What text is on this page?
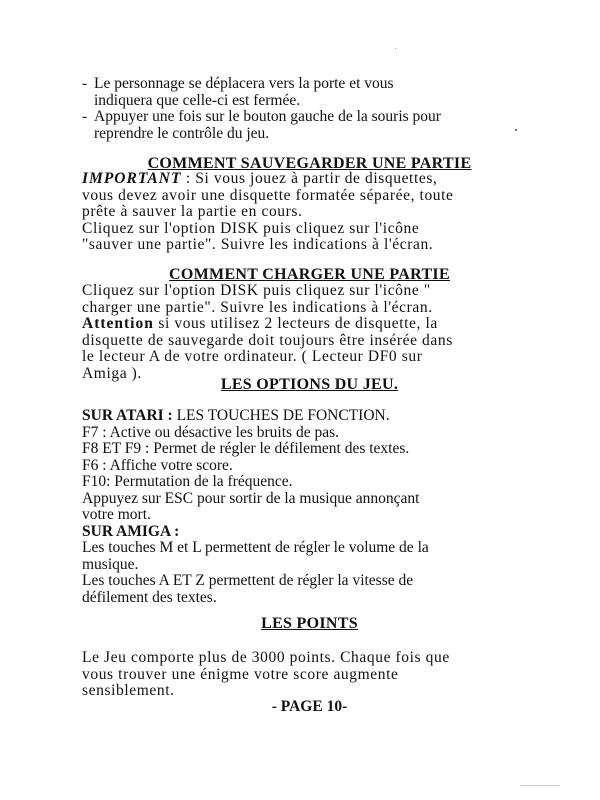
- Le personnage se déplacera vers la porte et vous
indiquera que celle-ci est fermée.
- Appuyer une fois sur le bouton gauche de la souris pour
reprendre le contrôle du jeu.
COMMENT SAUVEGARDER UNE PARTIE
IMPORTANT : Si vous jouez à partir de disquettes,
vous devez avoir une disquette formatée séparée, toute
prête à sauver la partie en cours.
Cliquez sur l'option DISK puis cliquez sur l'icône
"sauver une partie". Suivre les indications à l'écran.
COMMENT CHARGER UNE PARTIE
Cliquez sur l'option DISK puis cliquez sur l'icône "
charger une partie". Suivre les indications à l'écran.
Attention si vous utilisez 2 lecteurs de disquette, la
disquette de sauvegarde doit toujours être insérée dans
le lecteur A de votre ordinateur. ( Lecteur DF0 sur
Amiga ).
LES OPTIONS DU JEU.
SUR ATARI : LES TOUCHES DE FONCTION.
F7 : Active ou désactive les bruits de pas.
F8 ET F9 : Permet de régler le défilement des textes.
F6 : Affiche votre score.
F10: Permutation de la fréquence.
Appuyez sur ESC pour sortir de la musique annonçant
votre mort.
SUR AMIGA :
Les touches M et L permettent de régler le volume de la
musique.
Les touches A ET Z permettent de régler la vitesse de
défilement des textes.
LES POINTS
Le Jeu comporte plus de 3000 points. Chaque fois que
vous trouver une énigme votre score augmente
sensiblement.
- PAGE 10-
